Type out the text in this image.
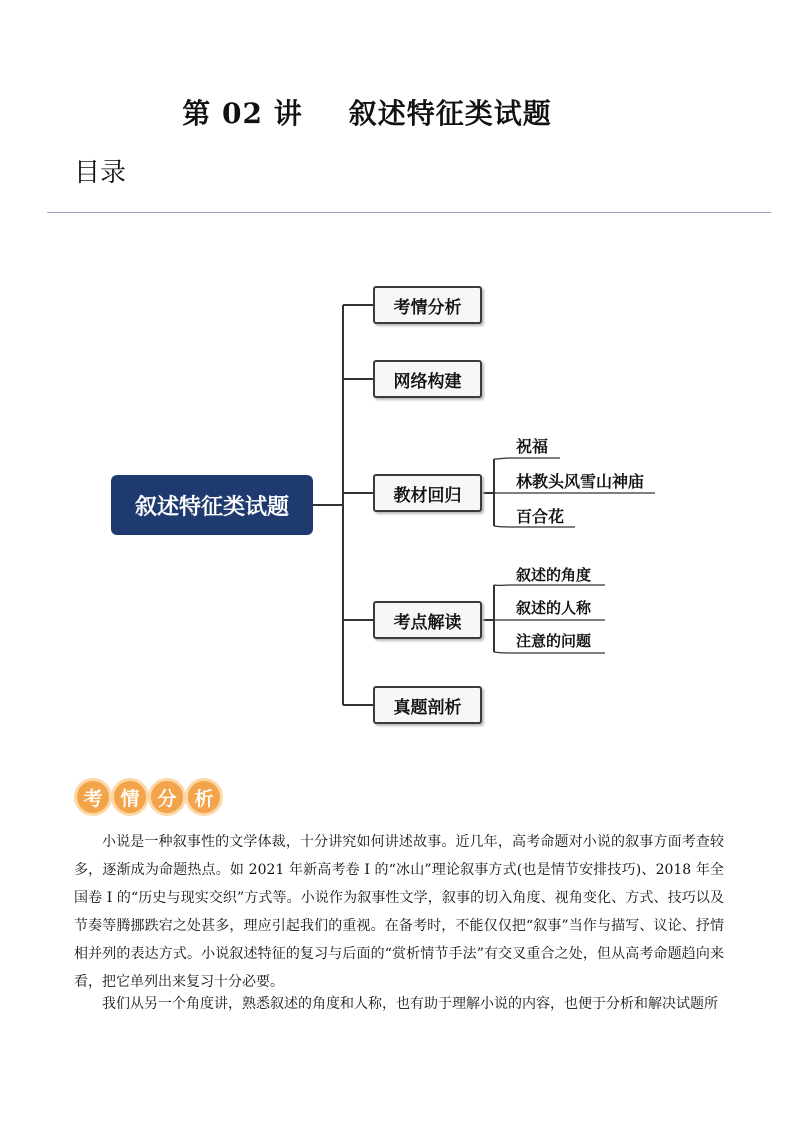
第 02 讲 叙述特征类试题
目录
叙述特征类试题
考情分析
网络构建
教材回归
考点解读
真题剖析
祝福
林教头风雪山神庙
百合花
叙述的角度
叙述的人称
注意的问题
考 情 分 析

小说是一种叙事性的文学体裁，十分讲究如何讲述故事。近几年，高考命题对小说的叙事方面考查较多，逐渐成为命题热点。如 2021 年新高考卷 I 的“冰山”理论叙事方式(也是情节安排技巧)、2018 年全国卷 I 的“历史与现实交织”方式等。小说作为叙事性文学，叙事的切入角度、视角变化、方式、技巧以及节奏等腾挪跌宕之处甚多，理应引起我们的重视。在备考时，不能仅仅把“叙事”当作与描写、议论、抒情相并列的表达方式。小说叙述特征的复习与后面的“赏析情节手法”有交叉重合之处，但从高考命题趋向来看，把它单列出来复习十分必要。

我们从另一个角度讲，熟悉叙述的角度和人称，也有助于理解小说的内容，也便于分析和解决试题所
